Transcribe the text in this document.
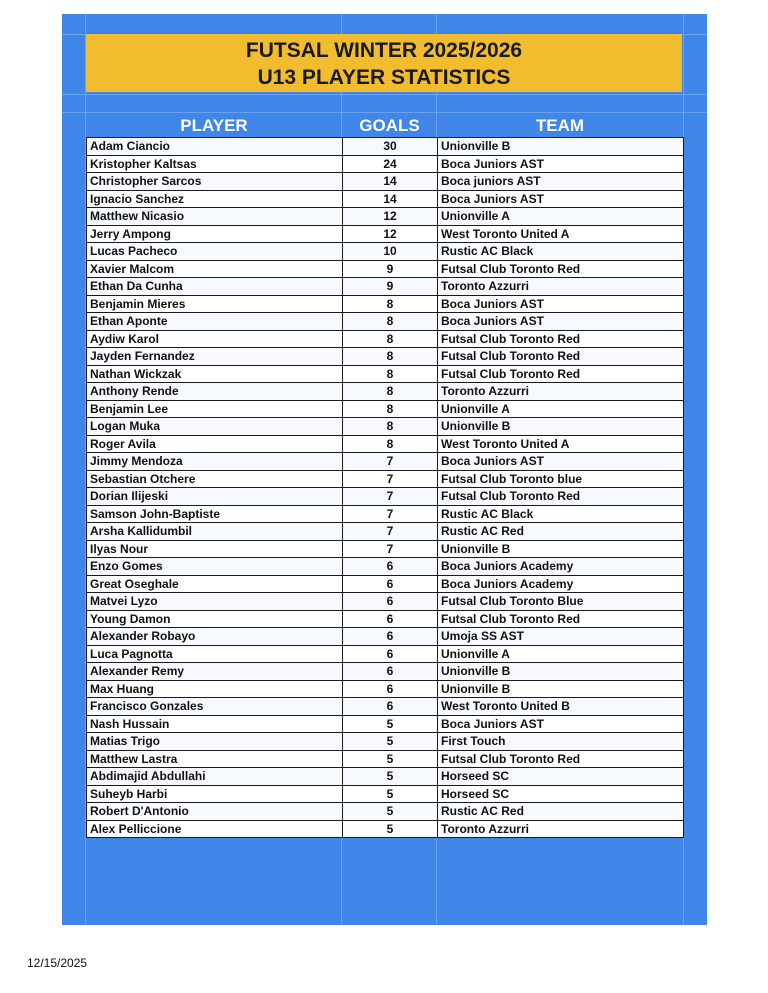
FUTSAL WINTER 2025/2026
U13 PLAYER STATISTICS
PLAYER	GOALS	TEAM
Adam Ciancio	30	Unionville B
Kristopher Kaltsas	24	Boca Juniors AST
Christopher Sarcos	14	Boca juniors AST
Ignacio Sanchez	14	Boca Juniors AST
Matthew Nicasio	12	Unionville A
Jerry Ampong	12	West Toronto United A
Lucas Pacheco	10	Rustic AC Black
Xavier Malcom	9	Futsal Club Toronto Red
Ethan Da Cunha	9	Toronto Azzurri
Benjamin Mieres	8	Boca Juniors AST
Ethan Aponte	8	Boca Juniors AST
Aydiw Karol	8	Futsal Club Toronto Red
Jayden Fernandez	8	Futsal Club Toronto Red
Nathan Wickzak	8	Futsal Club Toronto Red
Anthony Rende	8	Toronto Azzurri
Benjamin Lee	8	Unionville A
Logan Muka	8	Unionville B
Roger Avila	8	West Toronto United A
Jimmy Mendoza	7	Boca Juniors AST
Sebastian Otchere	7	Futsal Club Toronto blue
Dorian Ilijeski	7	Futsal Club Toronto Red
Samson John-Baptiste	7	Rustic AC Black
Arsha Kallidumbil	7	Rustic AC Red
Ilyas Nour	7	Unionville B
Enzo Gomes	6	Boca Juniors Academy
Great Oseghale	6	Boca Juniors Academy
Matvei Lyzo	6	Futsal Club Toronto Blue
Young Damon	6	Futsal Club Toronto Red
Alexander Robayo	6	Umoja SS AST
Luca Pagnotta	6	Unionville A
Alexander Remy	6	Unionville B
Max Huang	6	Unionville B
Francisco Gonzales	6	West Toronto United B
Nash Hussain	5	Boca Juniors AST
Matias Trigo	5	First Touch
Matthew Lastra	5	Futsal Club Toronto Red
Abdimajid Abdullahi	5	Horseed SC
Suheyb Harbi	5	Horseed SC
Robert D'Antonio	5	Rustic AC Red
Alex Pelliccione	5	Toronto Azzurri
12/15/2025
